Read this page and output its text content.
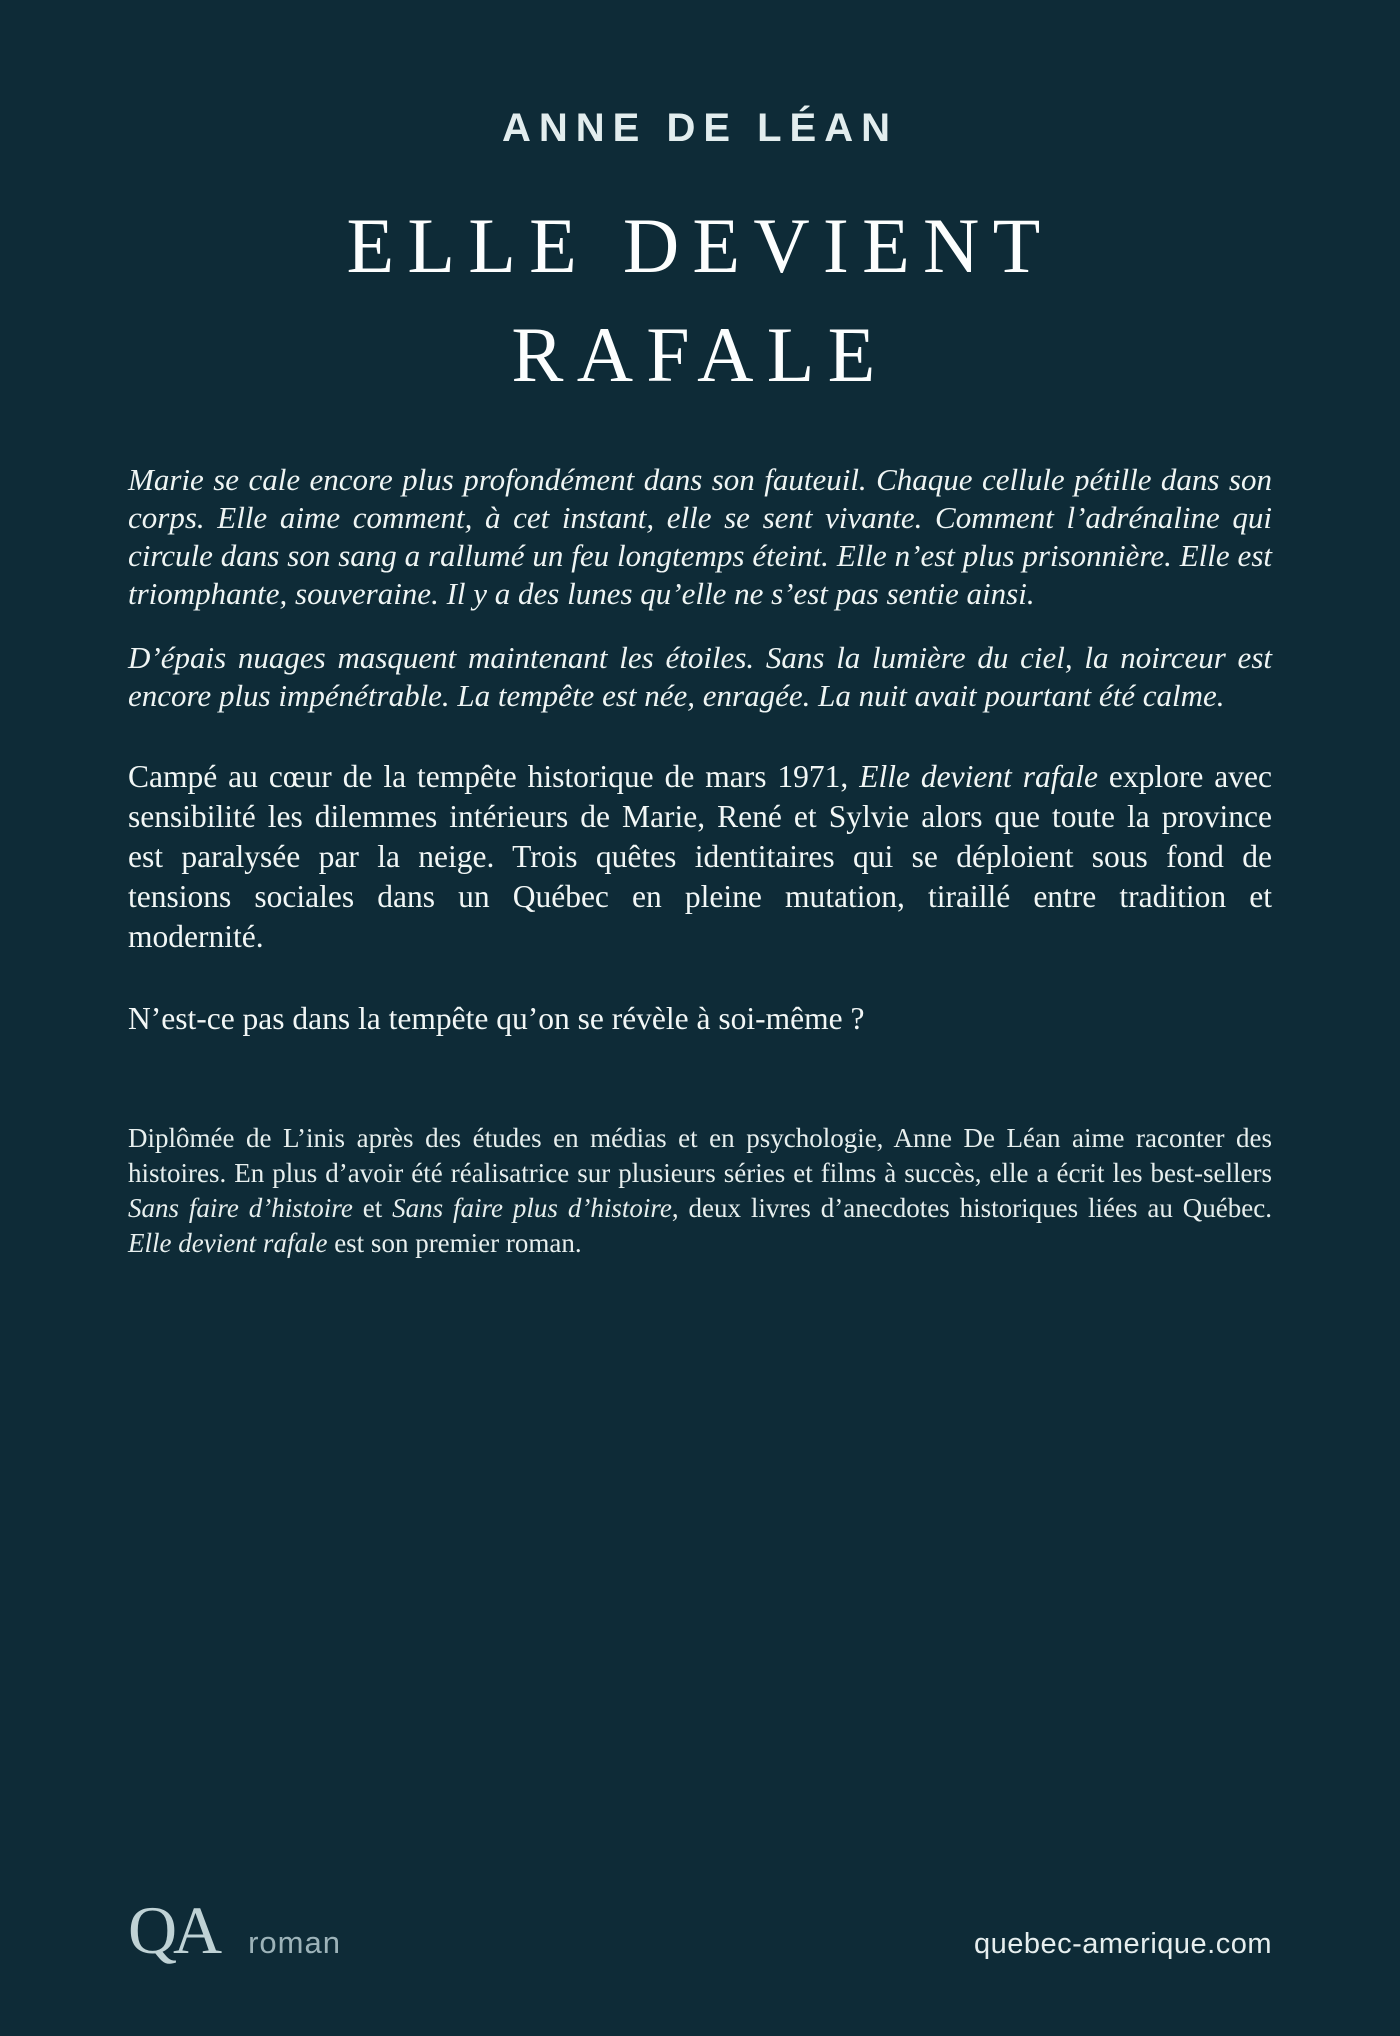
ANNE DE LÉAN
ELLE DEVIENT
RAFALE

Marie se cale encore plus profondément dans son fauteuil. Chaque cellule pétille dans son corps. Elle aime comment, à cet instant, elle se sent vivante. Comment l’adrénaline qui circule dans son sang a rallumé un feu longtemps éteint. Elle n’est plus prisonnière. Elle est triomphante, souveraine. Il y a des lunes qu’elle ne s’est pas sentie ainsi.

D’épais nuages masquent maintenant les étoiles. Sans la lumière du ciel, la noirceur est encore plus impénétrable. La tempête est née, enragée. La nuit avait pourtant été calme.

Campé au cœur de la tempête historique de mars 1971, Elle devient rafale explore avec sensibilité les dilemmes intérieurs de Marie, René et Sylvie alors que toute la province est paralysée par la neige. Trois quêtes identitaires qui se déploient sous fond de tensions sociales dans un Québec en pleine mutation, tiraillé entre tradition et modernité.

N’est-ce pas dans la tempête qu’on se révèle à soi-même ?

Diplômée de L’inis après des études en médias et en psychologie, Anne De Léan aime raconter des histoires. En plus d’avoir été réalisatrice sur plusieurs séries et films à succès, elle a écrit les best-sellers Sans faire d’histoire et Sans faire plus d’histoire, deux livres d’anecdotes historiques liées au Québec. Elle devient rafale est son premier roman.

QA roman	quebec-amerique.com
